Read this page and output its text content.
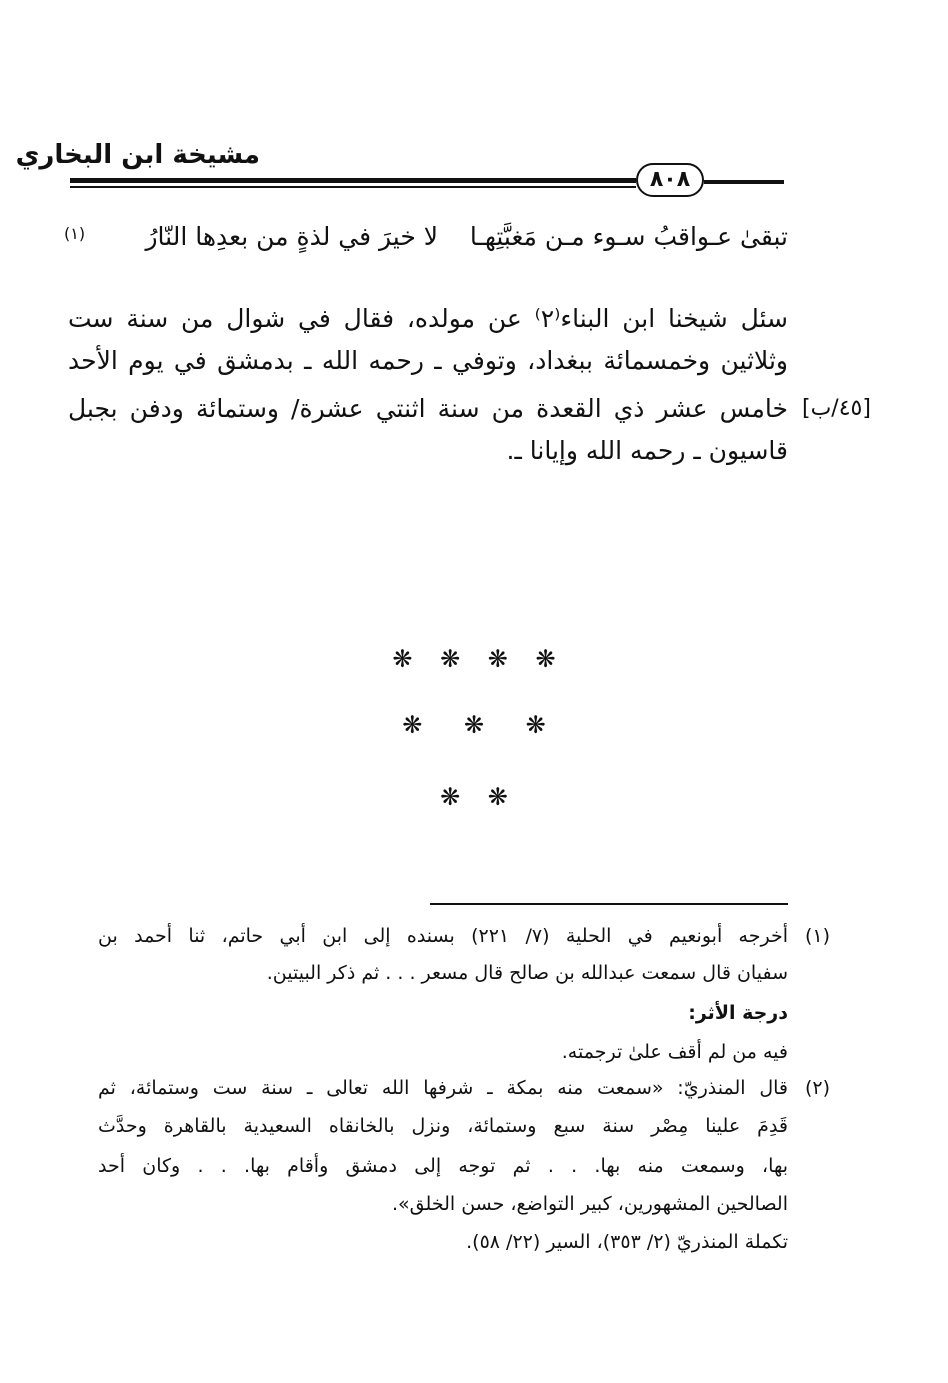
مشيخة ابن البخاري
٨٠٨
تبقىٰ عـواقبُ سـوء مـن مَغبَّتِهـا
لا خيرَ في لذةٍ من بعدِها النّارُ
(١)
سئل شيخنا ابن البناء⁽٢⁾ عن مولده، فقال في شوال من سنة ست
وثلاثين وخمسمائة ببغداد، وتوفي ـ رحمه الله ـ بدمشق في يوم الأحد
خامس عشر ذي القعدة من سنة اثنتي عشرة/ وستمائة ودفن بجبل
قاسيون ـ رحمه الله وإيانا ـ.
[٤٥/ب]
❋ ❋ ❋ ❋
❋ ❋ ❋
❋ ❋
(١)
أخرجه أبونعيم في الحلية (٧/ ٢٢١) بسنده إلى ابن أبي حاتم، ثنا أحمد بن
سفيان قال سمعت عبدالله بن صالح قال مسعر . . . ثم ذكر البيتين.
درجة الأثر:
فيه من لم أقف علىٰ ترجمته.
(٢)
قال المنذريّ: «سمعت منه بمكة ـ شرفها الله تعالى ـ سنة ست وستمائة، ثم
قَدِمَ علينا مِصْر سنة سبع وستمائة، ونزل بالخانقاه السعيدية بالقاهرة وحدَّث
بها، وسمعت منه بها. . . ثم توجه إلى دمشق وأقام بها. . . وكان أحد
الصالحين المشهورين، كبير التواضع، حسن الخلق».
تكملة المنذريّ (٢/ ٣٥٣)، السير (٢٢/ ٥٨).
